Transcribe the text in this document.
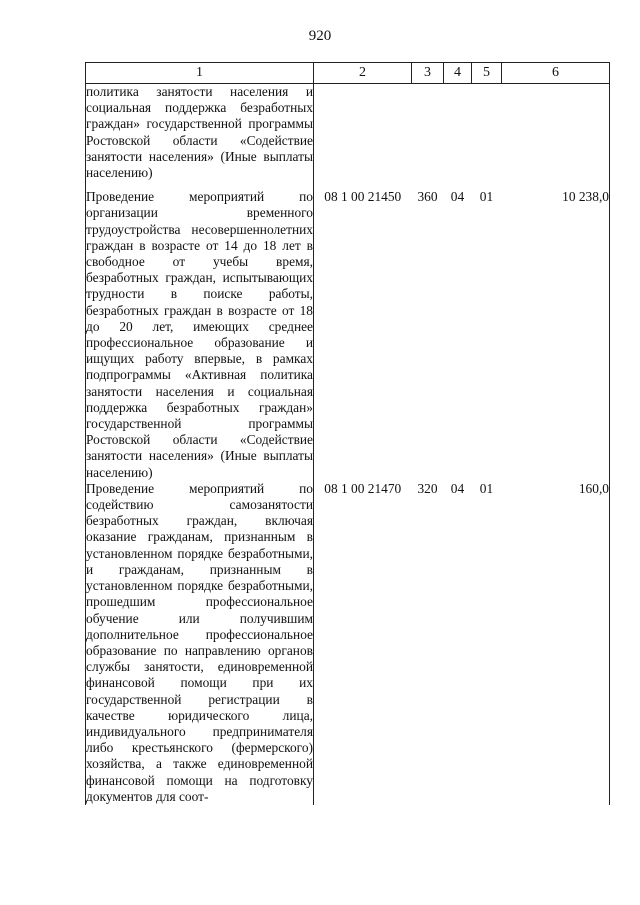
920
1	2	3	4	5	6
политика занятости населения и социальная поддержка безработных граждан» государственной программы Ростовской области «Содействие занятости населения» (Иные выплаты населению)					
Проведение мероприятий по организации временного трудоустройства несовершеннолетних граждан в возрасте от 14 до 18 лет в свободное от учебы время, безработных граждан, испытывающих трудности в поиске работы, безработных граждан в возрасте от 18 до 20 лет, имеющих среднее профессиональное образование и ищущих работу впервые, в рамках подпрограммы «Активная политика занятости населения и социальная поддержка безработных граждан» государственной программы Ростовской области «Содействие занятости населения» (Иные выплаты населению)	08 1 00 21450	360	04	01	10 238,0
Проведение мероприятий по содействию самозанятости безработных граждан, включая оказание гражданам, признанным в установленном порядке безработными, и гражданам, признанным в установленном порядке безработными, прошедшим профессиональное обучение или получившим дополнительное профессиональное образование по направлению органов службы занятости, единовременной финансовой помощи при их государственной регистрации в качестве юридического лица, индивидуального предпринимателя либо крестьянского (фермерского) хозяйства, а также единовременной финансовой помощи на подготовку документов для соот-	08 1 00 21470	320	04	01	160,0
